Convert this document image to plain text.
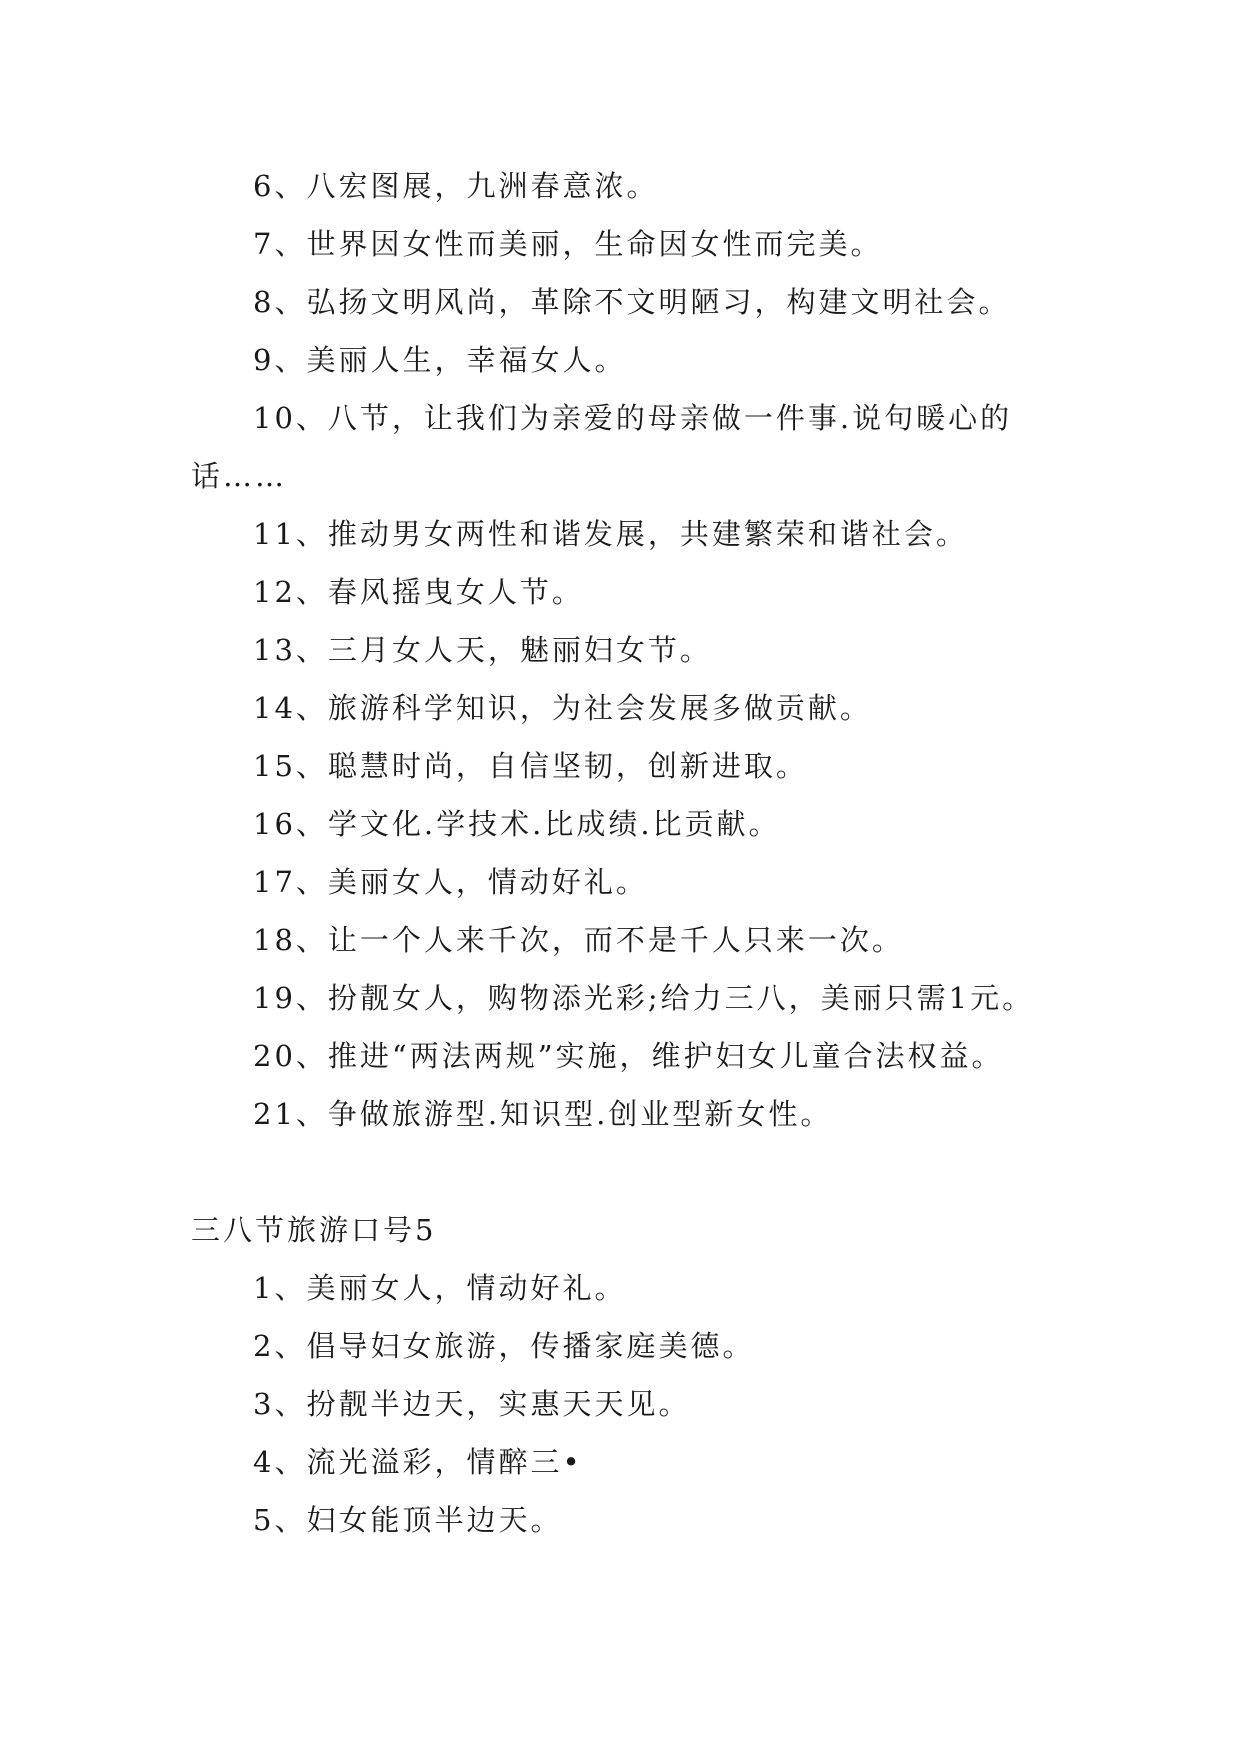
6、八宏图展，九洲春意浓。
7、世界因女性而美丽，生命因女性而完美。
8、弘扬文明风尚，革除不文明陋习，构建文明社会。
9、美丽人生，幸福女人。
10、八节，让我们为亲爱的母亲做一件事.说句暖心的
话……
11、推动男女两性和谐发展，共建繁荣和谐社会。
12、春风摇曳女人节。
13、三月女人天，魅丽妇女节。
14、旅游科学知识，为社会发展多做贡献。
15、聪慧时尚，自信坚韧，创新进取。
16、学文化.学技术.比成绩.比贡献。
17、美丽女人，情动好礼。
18、让一个人来千次，而不是千人只来一次。
19、扮靓女人，购物添光彩;给力三八，美丽只需1元。
20、推进“两法两规”实施，维护妇女儿童合法权益。
21、争做旅游型.知识型.创业型新女性。
三八节旅游口号5
1、美丽女人，情动好礼。
2、倡导妇女旅游，传播家庭美德。
3、扮靓半边天，实惠天天见。
4、流光溢彩，情醉三•
5、妇女能顶半边天。
